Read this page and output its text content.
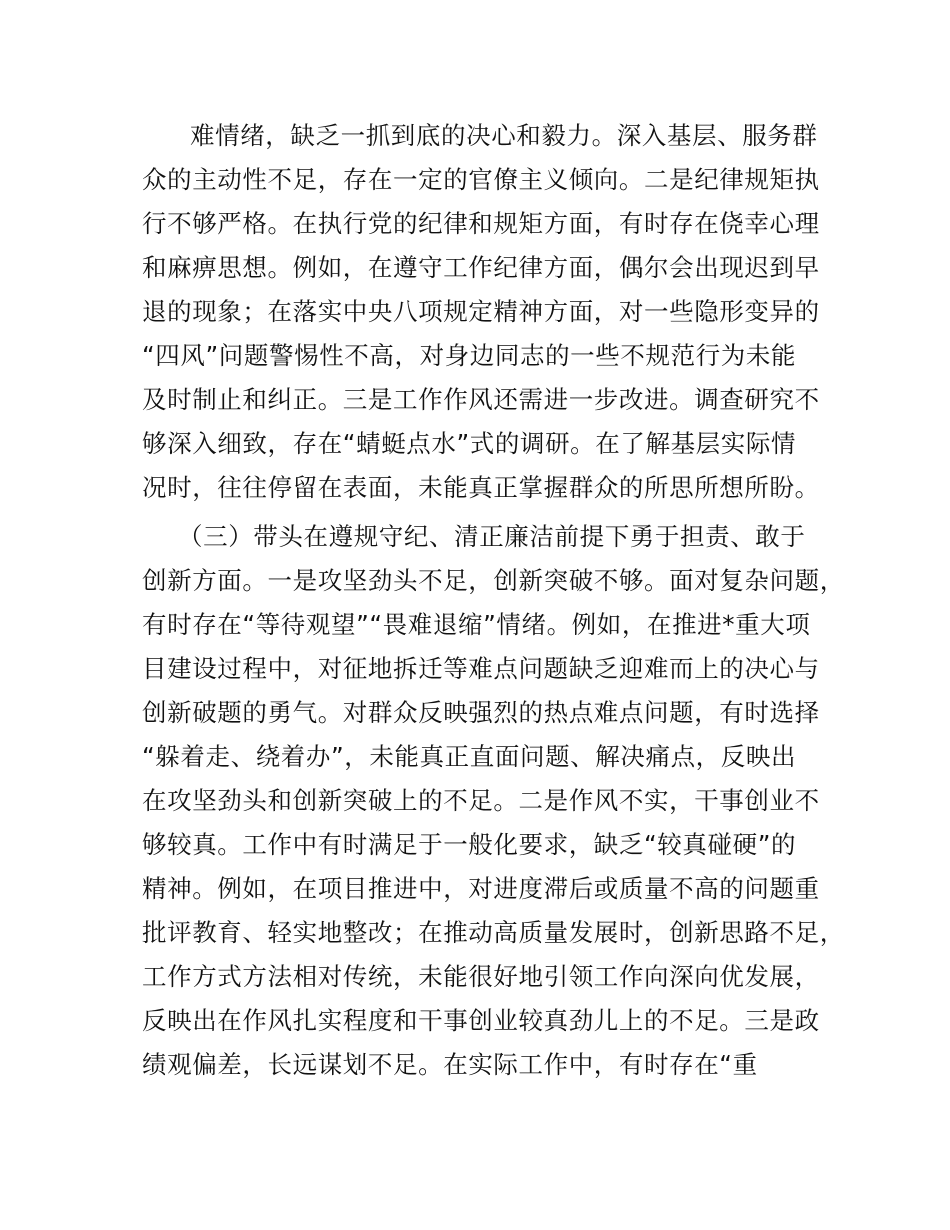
难情绪，缺乏一抓到底的决心和毅力。深入基层、服务群
众的主动性不足，存在一定的官僚主义倾向。二是纪律规矩执
行不够严格。在执行党的纪律和规矩方面，有时存在侥幸心理
和麻痹思想。例如，在遵守工作纪律方面，偶尔会出现迟到早
退的现象；在落实中央八项规定精神方面，对一些隐形变异的
“四风”问题警惕性不高，对身边同志的一些不规范行为未能
及时制止和纠正。三是工作作风还需进一步改进。调查研究不
够深入细致，存在“蜻蜓点水”式的调研。在了解基层实际情
况时，往往停留在表面，未能真正掌握群众的所思所想所盼。
（三）带头在遵规守纪、清正廉洁前提下勇于担责、敢于
创新方面。一是攻坚劲头不足，创新突破不够。面对复杂问题，
有时存在“等待观望”“畏难退缩”情绪。例如，在推进*重大项
目建设过程中，对征地拆迁等难点问题缺乏迎难而上的决心与
创新破题的勇气。对群众反映强烈的热点难点问题，有时选择
“躲着走、绕着办”，未能真正直面问题、解决痛点，反映出
在攻坚劲头和创新突破上的不足。二是作风不实，干事创业不
够较真。工作中有时满足于一般化要求，缺乏“较真碰硬”的
精神。例如，在项目推进中，对进度滞后或质量不高的问题重
批评教育、轻实地整改；在推动高质量发展时，创新思路不足，
工作方式方法相对传统，未能很好地引领工作向深向优发展，
反映出在作风扎实程度和干事创业较真劲儿上的不足。三是政
绩观偏差，长远谋划不足。在实际工作中，有时存在“重
